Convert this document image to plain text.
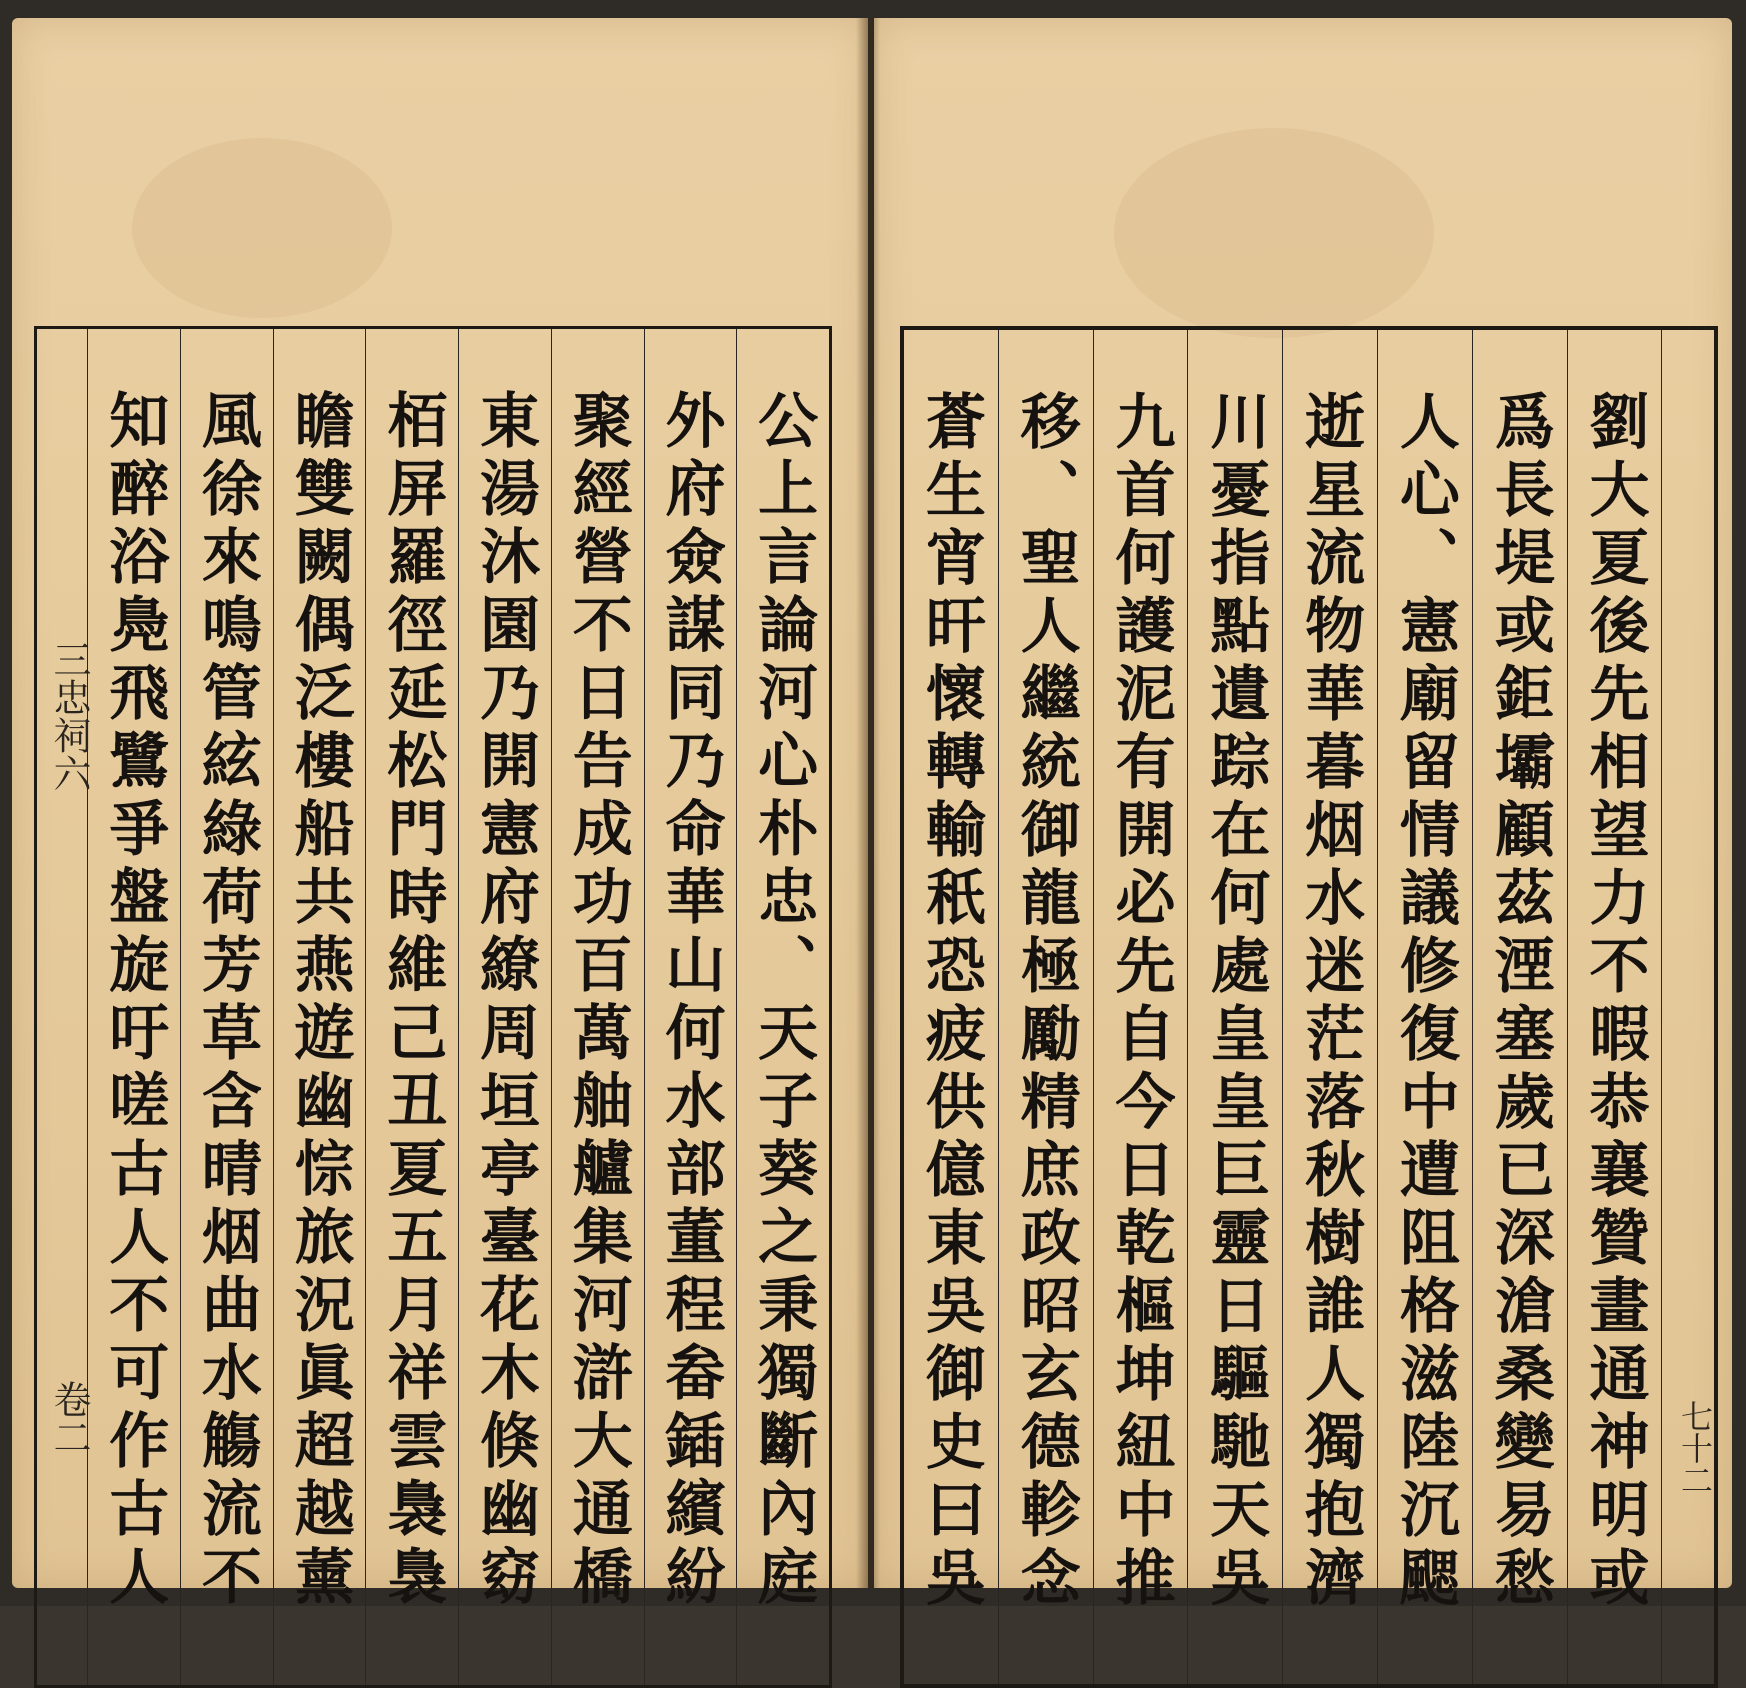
公上言論河心朴忠、天子葵之秉獨斷內庭
外府僉謀同乃命華山何水部董程畚鍤繽紛
聚經營不日告成功百萬舳艫集河滸大通橋
東湯沐園乃開憲府繚周垣亭臺花木倏幽窈
栢屏羅徑延松門時維己丑夏五月祥雲裊裊
瞻雙闕偶泛樓船共燕遊幽悰旅況眞超越薰
風徐來鳴管絃綠荷芳草含晴烟曲水觴流不
知醉浴鳧飛鷺爭盤旋吁嗟古人不可作古人
三忠祠六
卷二	劉大夏後先相望力不暇恭襄贊畫通神明或
爲長堤或鉅壩顧茲湮塞歲已深滄桑變易愁
人心、憲廟留情議修復中遭阻格滋陸沉颸
逝星流物華暮烟水迷茫落秋樹誰人獨抱濟
川憂指點遺踪在何處皇皇巨靈日驅馳天吳
九首何護泥有開必先自今日乾樞坤紐中推
移、聖人繼統御龍極勵精庶政昭玄德軫念
蒼生宵旰懷轉輸秖恐疲供億東吳御史曰吳	七十二
